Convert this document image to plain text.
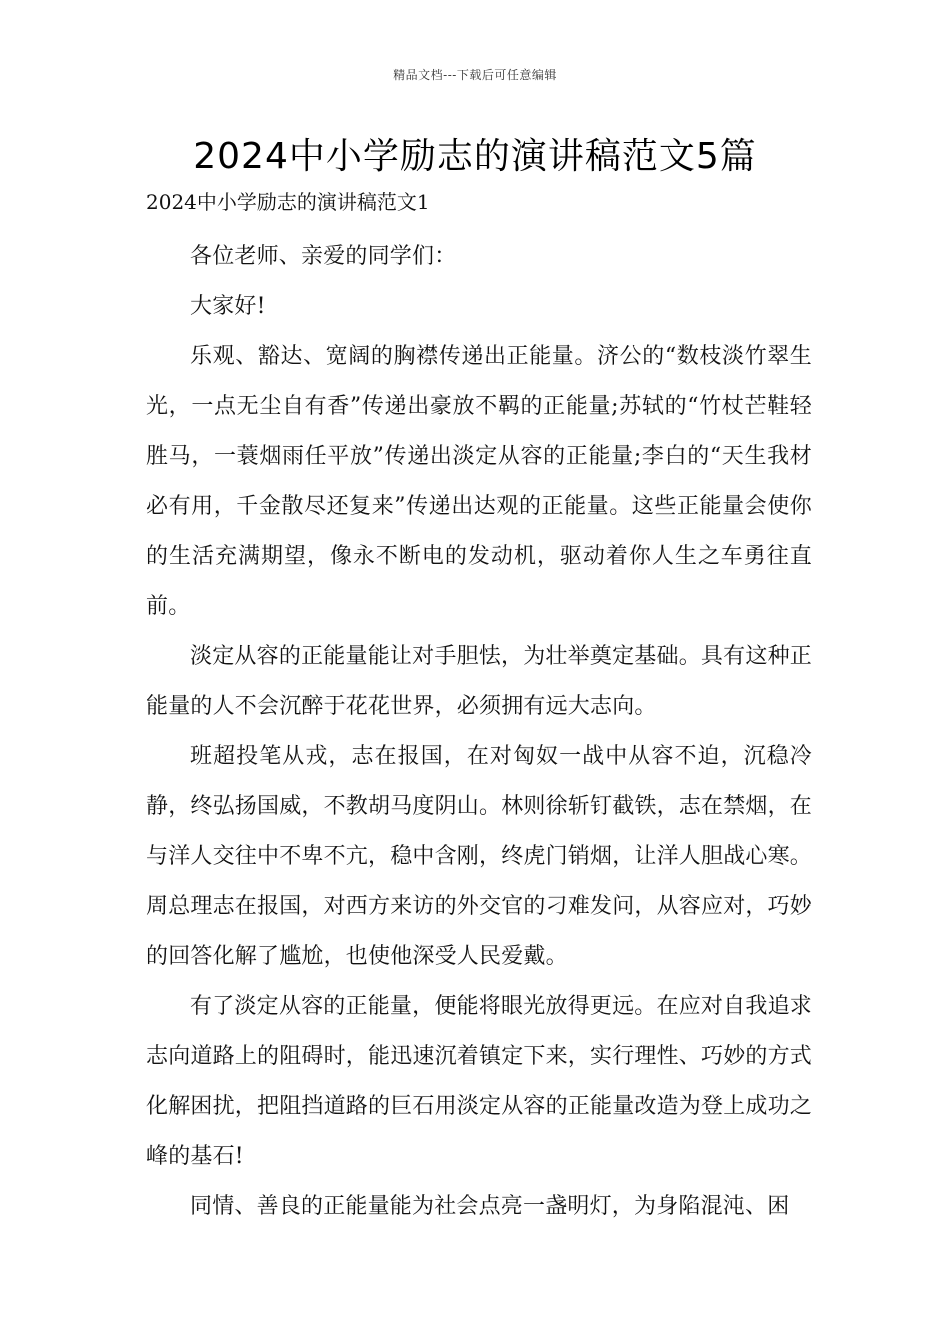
精品文档---下载后可任意编辑
2024中小学励志的演讲稿范文5篇
2024中小学励志的演讲稿范文1

各位老师、亲爱的同学们：

大家好!

乐观、豁达、宽阔的胸襟传递出正能量。济公的“数枝淡竹翠生光，一点无尘自有香”传递出豪放不羁的正能量;苏轼的“竹杖芒鞋轻胜马，一蓑烟雨任平放”传递出淡定从容的正能量;李白的“天生我材必有用，千金散尽还复来”传递出达观的正能量。这些正能量会使你的生活充满期望，像永不断电的发动机，驱动着你人生之车勇往直前。

淡定从容的正能量能让对手胆怯，为壮举奠定基础。具有这种正能量的人不会沉醉于花花世界，必须拥有远大志向。

班超投笔从戎，志在报国，在对匈奴一战中从容不迫，沉稳冷静，终弘扬国威，不教胡马度阴山。林则徐斩钉截铁，志在禁烟，在与洋人交往中不卑不亢，稳中含刚，终虎门销烟，让洋人胆战心寒。周总理志在报国，对西方来访的外交官的刁难发问，从容应对，巧妙的回答化解了尴尬，也使他深受人民爱戴。

有了淡定从容的正能量，便能将眼光放得更远。在应对自我追求志向道路上的阻碍时，能迅速沉着镇定下来，实行理性、巧妙的方式化解困扰，把阻挡道路的巨石用淡定从容的正能量改造为登上成功之峰的基石!

同情、善良的正能量能为社会点亮一盏明灯，为身陷混沌、困
